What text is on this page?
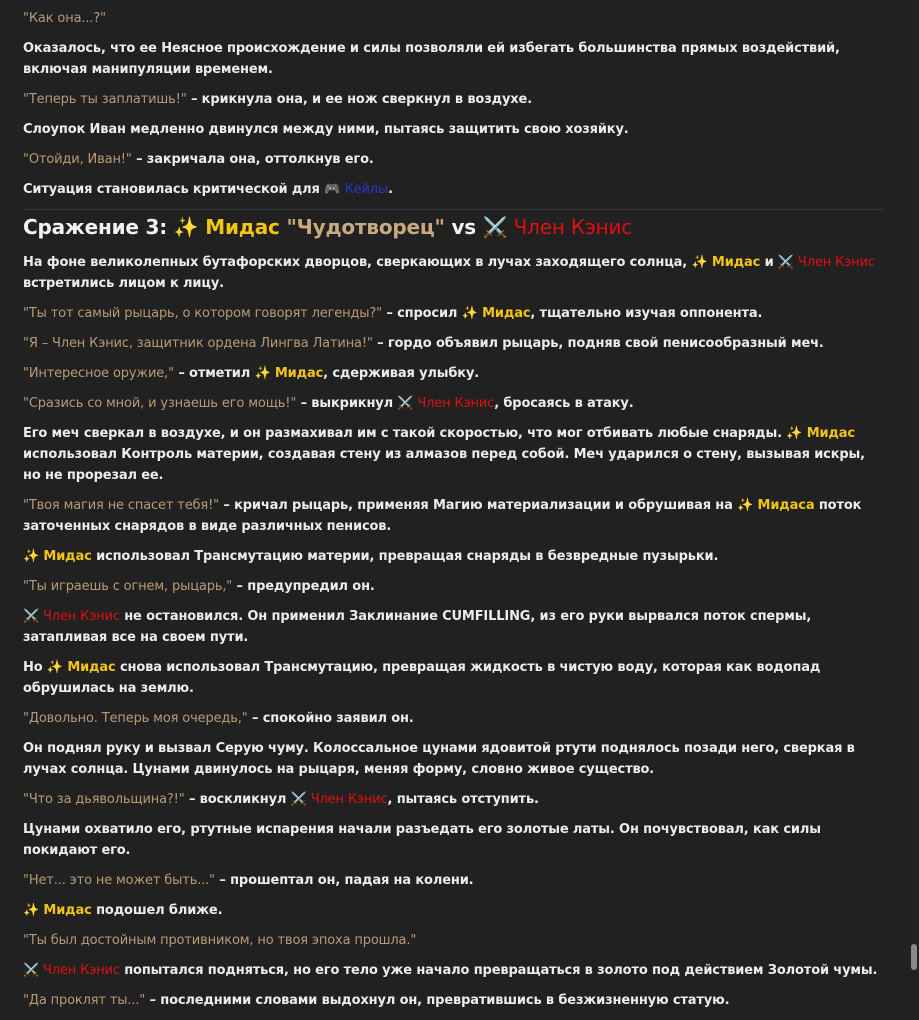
"Как она...?"

Оказалось, что ее Неясное происхождение и силы позволяли ей избегать большинства прямых воздействий, включая манипуляции временем.

"Теперь ты заплатишь!" – крикнула она, и ее нож сверкнул в воздухе.

Слоупок Иван медленно двинулся между ними, пытаясь защитить свою хозяйку.

"Отойди, Иван!" – закричала она, оттолкнув его.

Ситуация становилась критической для 🎮 Кейлы.

Сражение 3: ✨ Мидас "Чудотворец" vs ⚔️ Член Кэнис

На фоне великолепных бутафорских дворцов, сверкающих в лучах заходящего солнца, ✨ Мидас и ⚔️ Член Кэнис встретились лицом к лицу.

"Ты тот самый рыцарь, о котором говорят легенды?" – спросил ✨ Мидас, тщательно изучая оппонента.

"Я – Член Кэнис, защитник ордена Лингва Латина!" – гордо объявил рыцарь, подняв свой пенисообразный меч.

"Интересное оружие," – отметил ✨ Мидас, сдерживая улыбку.

"Сразись со мной, и узнаешь его мощь!" – выкрикнул ⚔️ Член Кэнис, бросаясь в атаку.

Его меч сверкал в воздухе, и он размахивал им с такой скоростью, что мог отбивать любые снаряды. ✨ Мидас использовал Контроль материи, создавая стену из алмазов перед собой. Меч ударился о стену, вызывая искры, но не прорезал ее.

"Твоя магия не спасет тебя!" – кричал рыцарь, применяя Магию материализации и обрушивая на ✨ Мидаса поток заточенных снарядов в виде различных пенисов.

✨ Мидас использовал Трансмутацию материи, превращая снаряды в безвредные пузырьки.

"Ты играешь с огнем, рыцарь," – предупредил он.

⚔️ Член Кэнис не остановился. Он применил Заклинание CUMFILLING, из его руки вырвался поток спермы, затапливая все на своем пути.

Но ✨ Мидас снова использовал Трансмутацию, превращая жидкость в чистую воду, которая как водопад обрушилась на землю.

"Довольно. Теперь моя очередь," – спокойно заявил он.

Он поднял руку и вызвал Серую чуму. Колоссальное цунами ядовитой ртути поднялось позади него, сверкая в лучах солнца. Цунами двинулось на рыцаря, меняя форму, словно живое существо.

"Что за дьявольщина?!" – воскликнул ⚔️ Член Кэнис, пытаясь отступить.

Цунами охватило его, ртутные испарения начали разъедать его золотые латы. Он почувствовал, как силы покидают его.

"Нет... это не может быть..." – прошептал он, падая на колени.

✨ Мидас подошел ближе.

"Ты был достойным противником, но твоя эпоха прошла."

⚔️ Член Кэнис попытался подняться, но его тело уже начало превращаться в золото под действием Золотой чумы.

"Да проклят ты..." – последними словами выдохнул он, превратившись в безжизненную статую.
